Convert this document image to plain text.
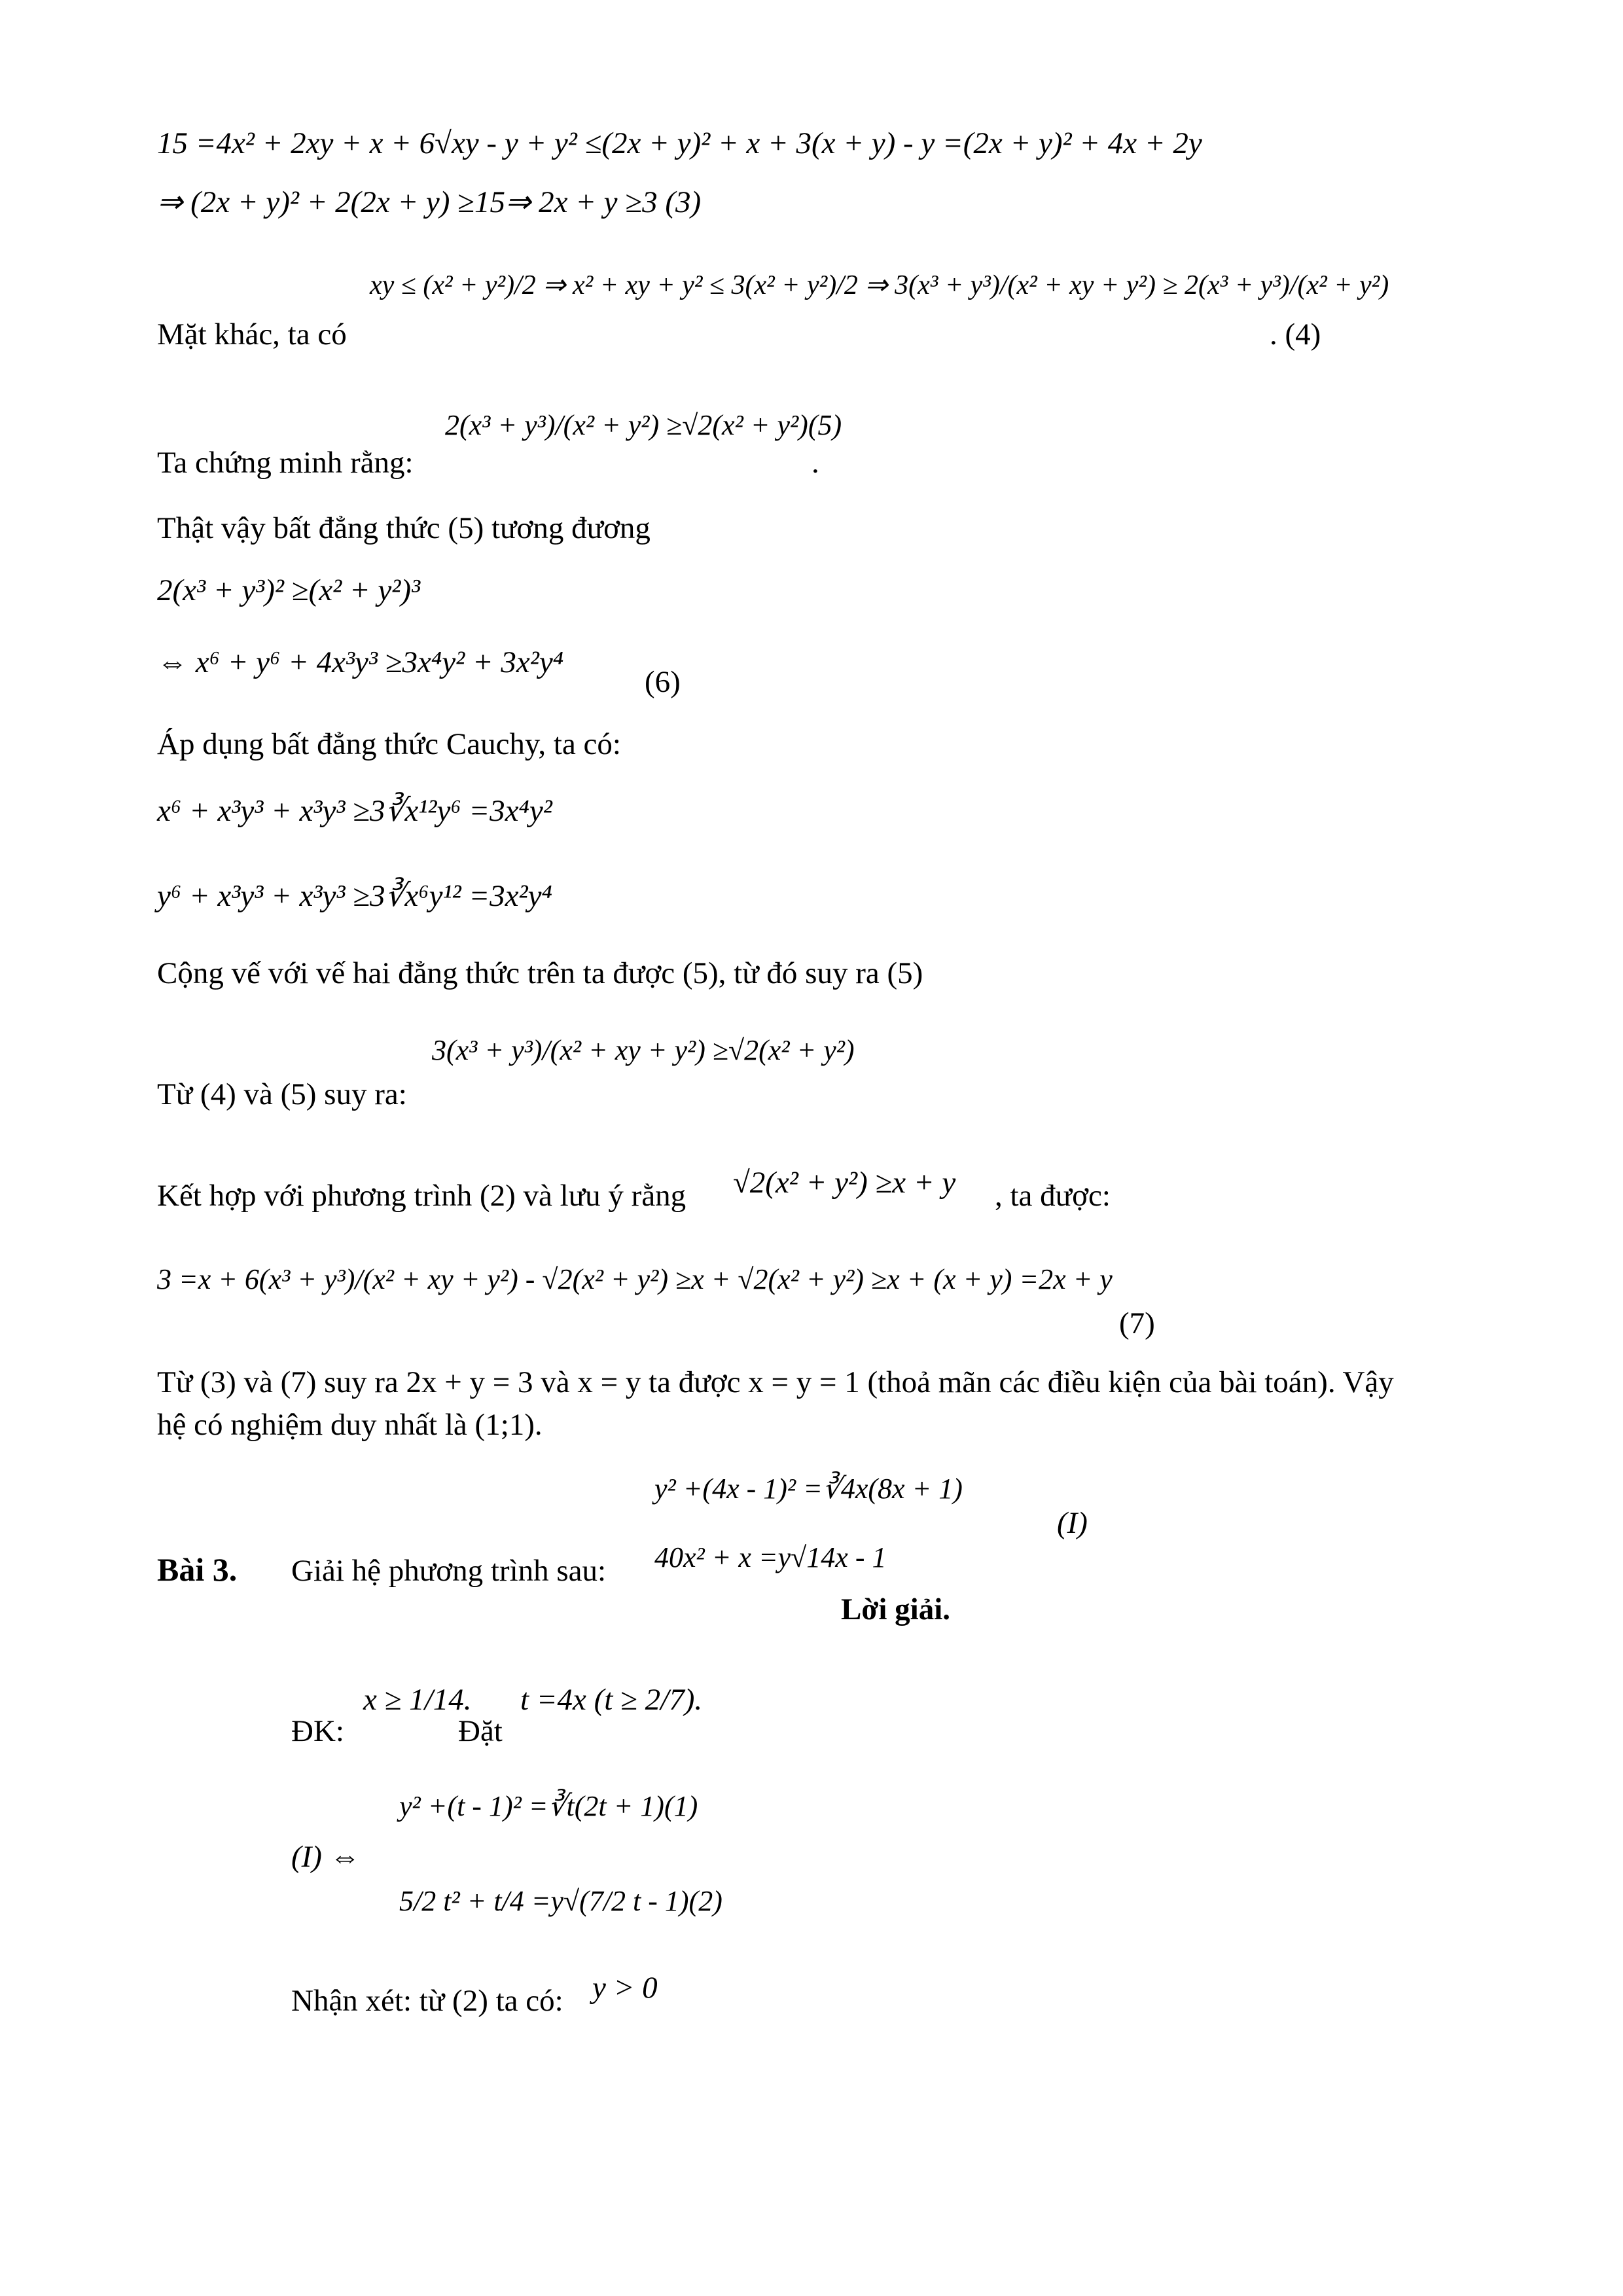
15 =4x² + 2xy + x + 6√xy - y + y² ≤(2x + y)² + x + 3(x + y) - y =(2x + y)² + 4x + 2y
⇒ (2x + y)² + 2(2x + y) ≥15⇒ 2x + y ≥3 (3)
Mặt khác, ta có
xy ≤ (x² + y²)/2 ⇒ x² + xy + y² ≤ 3(x² + y²)/2 ⇒ 3(x³ + y³)/(x² + xy + y²) ≥ 2(x³ + y³)/(x² + y²)
. (4)
Ta chứng minh rằng:
2(x³ + y³)/(x² + y²) ≥√2(x² + y²)(5)
.
Thật vậy bất đẳng thức (5) tương đương
2(x³ + y³)² ≥(x² + y²)³
⇔ x⁶ + y⁶ + 4x³y³ ≥3x⁴y² + 3x²y⁴
(6)
Áp dụng bất đẳng thức Cauchy, ta có:
x⁶ + x³y³ + x³y³ ≥3∛x¹²y⁶ =3x⁴y²
y⁶ + x³y³ + x³y³ ≥3∛x⁶y¹² =3x²y⁴
Cộng vế với vế hai đẳng thức trên ta được (5), từ đó suy ra (5)
Từ (4) và (5) suy ra:
3(x³ + y³)/(x² + xy + y²) ≥√2(x² + y²)
Kết hợp với phương trình (2) và lưu ý rằng √2(x² + y²) ≥x + y , ta được:
3 =x + 6(x³ + y³)/(x² + xy + y²) - √2(x² + y²) ≥x + √2(x² + y²) ≥x + (x + y) =2x + y
(7)
Từ (3) và (7) suy ra 2x + y = 3 và x = y ta được x = y = 1 (thoả mãn các điều kiện của bài toán). Vậy
hệ có nghiệm duy nhất là (1;1).
y² +(4x - 1)² =∛4x(8x + 1)
40x² + x =y√14x - 1
(I)
Bài 3. Giải hệ phương trình sau:
Lời giải.
ĐK:
x ≥ 1/14.
Đặt
t =4x (t ≥ 2/7).
(I) ⇔
y² +(t - 1)² =∛t(2t + 1)(1)
5/2 t² + t/4 =y√(7/2 t - 1)(2)
Nhận xét: từ (2) ta có: y > 0
